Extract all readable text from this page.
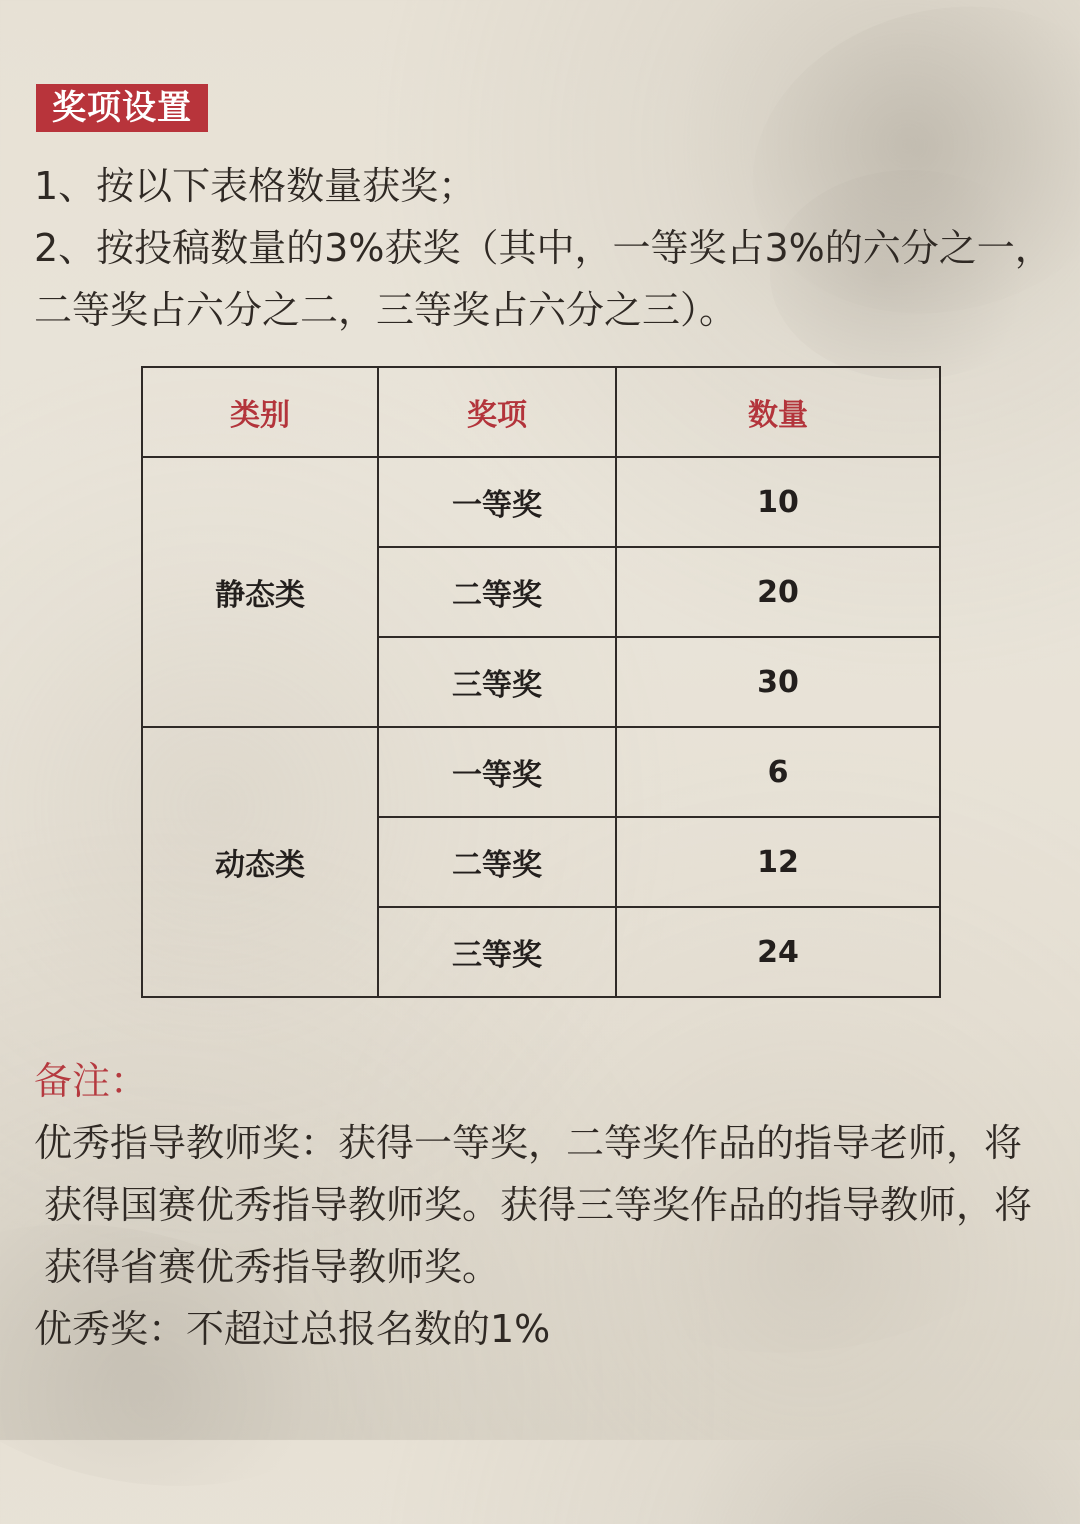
奖项设置
1、按以下表格数量获奖；
2、按投稿数量的3%获奖（其中，一等奖占3%的六分之一，
二等奖占六分之二，三等奖占六分之三）。
类别	奖项	数量
静态类	一等奖	10
	二等奖	20
	三等奖	30
动态类	一等奖	6
	二等奖	12
	三等奖	24
备注：
优秀指导教师奖：获得一等奖，二等奖作品的指导老师，将
获得国赛优秀指导教师奖。获得三等奖作品的指导教师，将
获得省赛优秀指导教师奖。
优秀奖：不超过总报名数的1%
